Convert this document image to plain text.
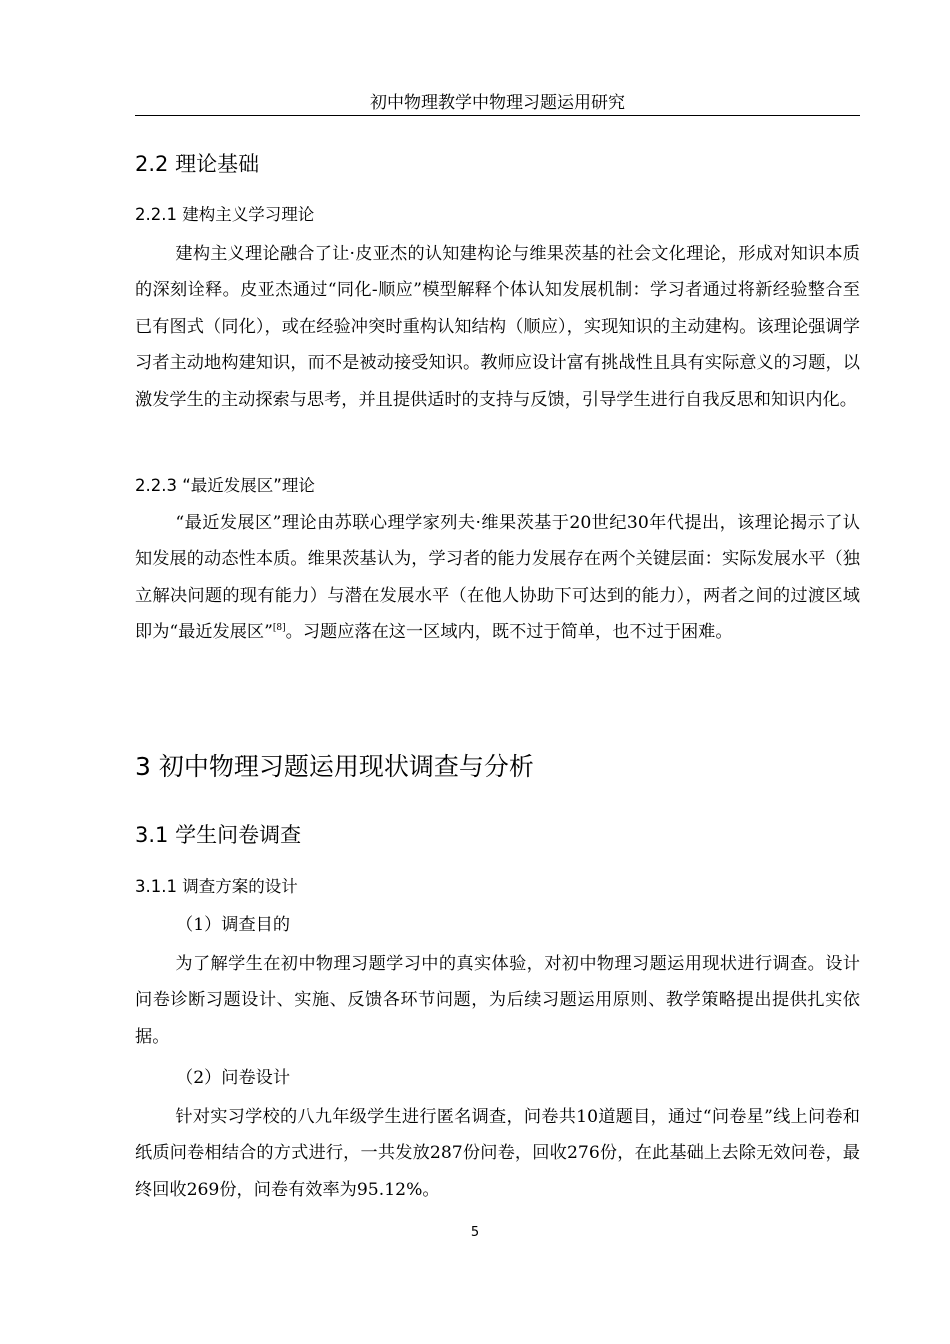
初中物理教学中物理习题运用研究
2.2 理论基础
2.2.1 建构主义学习理论

建构主义理论融合了让·皮亚杰的认知建构论与维果茨基的社会文化理论，形成对知识本质的深刻诠释。皮亚杰通过“同化-顺应”模型解释个体认知发展机制：学习者通过将新经验整合至已有图式（同化），或在经验冲突时重构认知结构（顺应），实现知识的主动建构。该理论强调学习者主动地构建知识，而不是被动接受知识。教师应设计富有挑战性且具有实际意义的习题，以激发学生的主动探索与思考，并且提供适时的支持与反馈，引导学生进行自我反思和知识内化。

2.2.3 “最近发展区”理论

“最近发展区”理论由苏联心理学家列夫·维果茨基于20世纪30年代提出，该理论揭示了认知发展的动态性本质。维果茨基认为，学习者的能力发展存在两个关键层面：实际发展水平（独立解决问题的现有能力）与潜在发展水平（在他人协助下可达到的能力），两者之间的过渡区域即为“最近发展区”[8]。习题应落在这一区域内，既不过于简单，也不过于困难。

3 初中物理习题运用现状调查与分析
3.1 学生问卷调查
3.1.1 调查方案的设计
（1）调查目的

为了解学生在初中物理习题学习中的真实体验，对初中物理习题运用现状进行调查。设计问卷诊断习题设计、实施、反馈各环节问题，为后续习题运用原则、教学策略提出提供扎实依据。

（2）问卷设计

针对实习学校的八九年级学生进行匿名调查，问卷共10道题目，通过“问卷星”线上问卷和纸质问卷相结合的方式进行，一共发放287份问卷，回收276份，在此基础上去除无效问卷，最终回收269份，问卷有效率为95.12%。

5
